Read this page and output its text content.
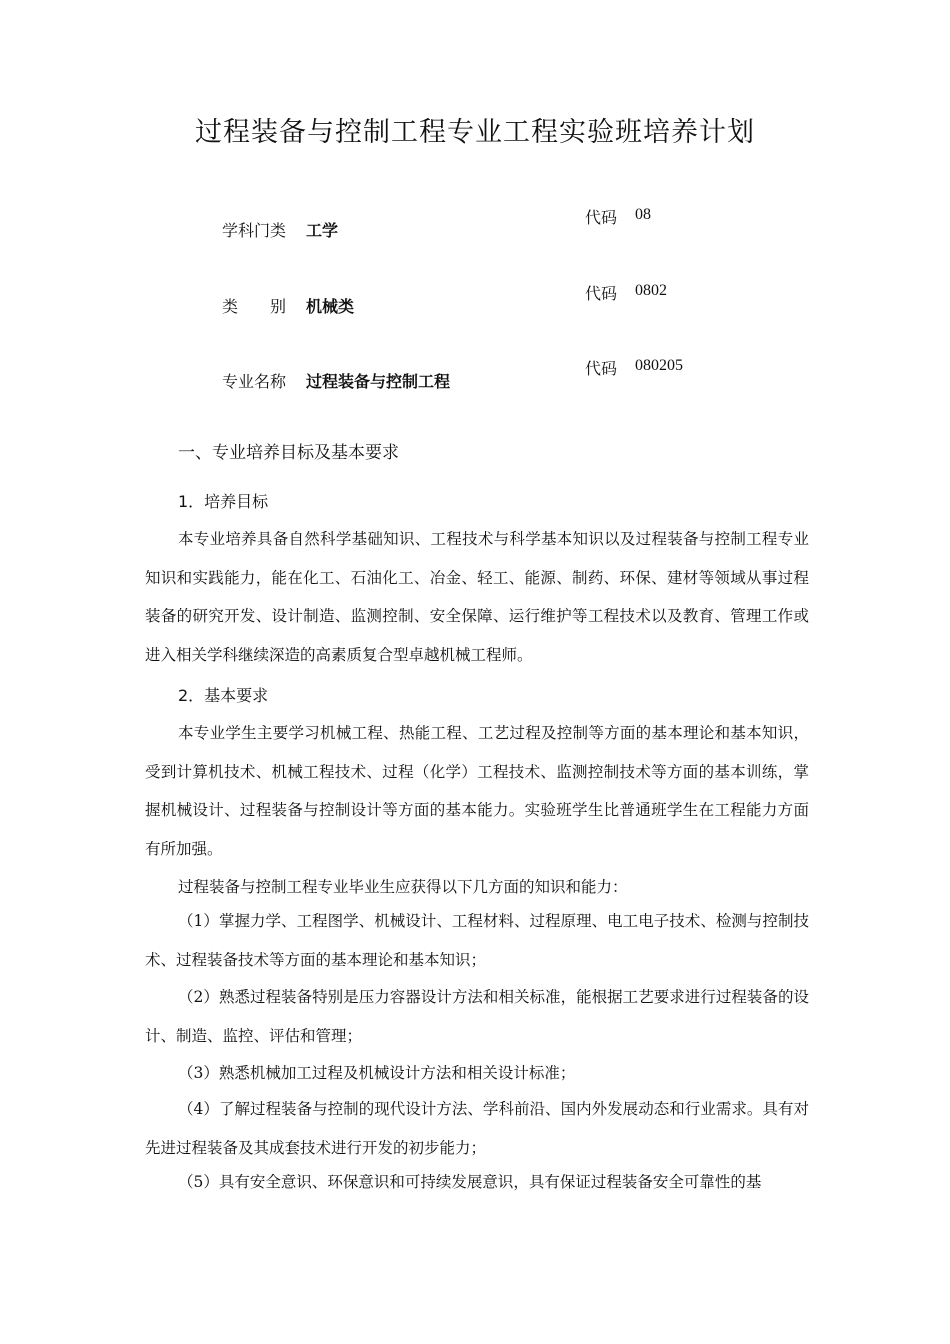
过程装备与控制工程专业工程实验班培养计划
学科门类 工学
代码 08
类　　别 机械类
代码 0802
专业名称 过程装备与控制工程
代码 080205
一、专业培养目标及基本要求
1．培养目标

本专业培养具备自然科学基础知识、工程技术与科学基本知识以及过程装备与控制工程专业知识和实践能力，能在化工、石油化工、冶金、轻工、能源、制药、环保、建材等领域从事过程装备的研究开发、设计制造、监测控制、安全保障、运行维护等工程技术以及教育、管理工作或进入相关学科继续深造的高素质复合型卓越机械工程师。

2．基本要求

本专业学生主要学习机械工程、热能工程、工艺过程及控制等方面的基本理论和基本知识，受到计算机技术、机械工程技术、过程（化学）工程技术、监测控制技术等方面的基本训练，掌握机械设计、过程装备与控制设计等方面的基本能力。实验班学生比普通班学生在工程能力方面有所加强。

过程装备与控制工程专业毕业生应获得以下几方面的知识和能力：

（1）掌握力学、工程图学、机械设计、工程材料、过程原理、电工电子技术、检测与控制技术、过程装备技术等方面的基本理论和基本知识；

（2）熟悉过程装备特别是压力容器设计方法和相关标准，能根据工艺要求进行过程装备的设计、制造、监控、评估和管理；

（3）熟悉机械加工过程及机械设计方法和相关设计标准；

（4）了解过程装备与控制的现代设计方法、学科前沿、国内外发展动态和行业需求。具有对先进过程装备及其成套技术进行开发的初步能力；

（5）具有安全意识、环保意识和可持续发展意识，具有保证过程装备安全可靠性的基
